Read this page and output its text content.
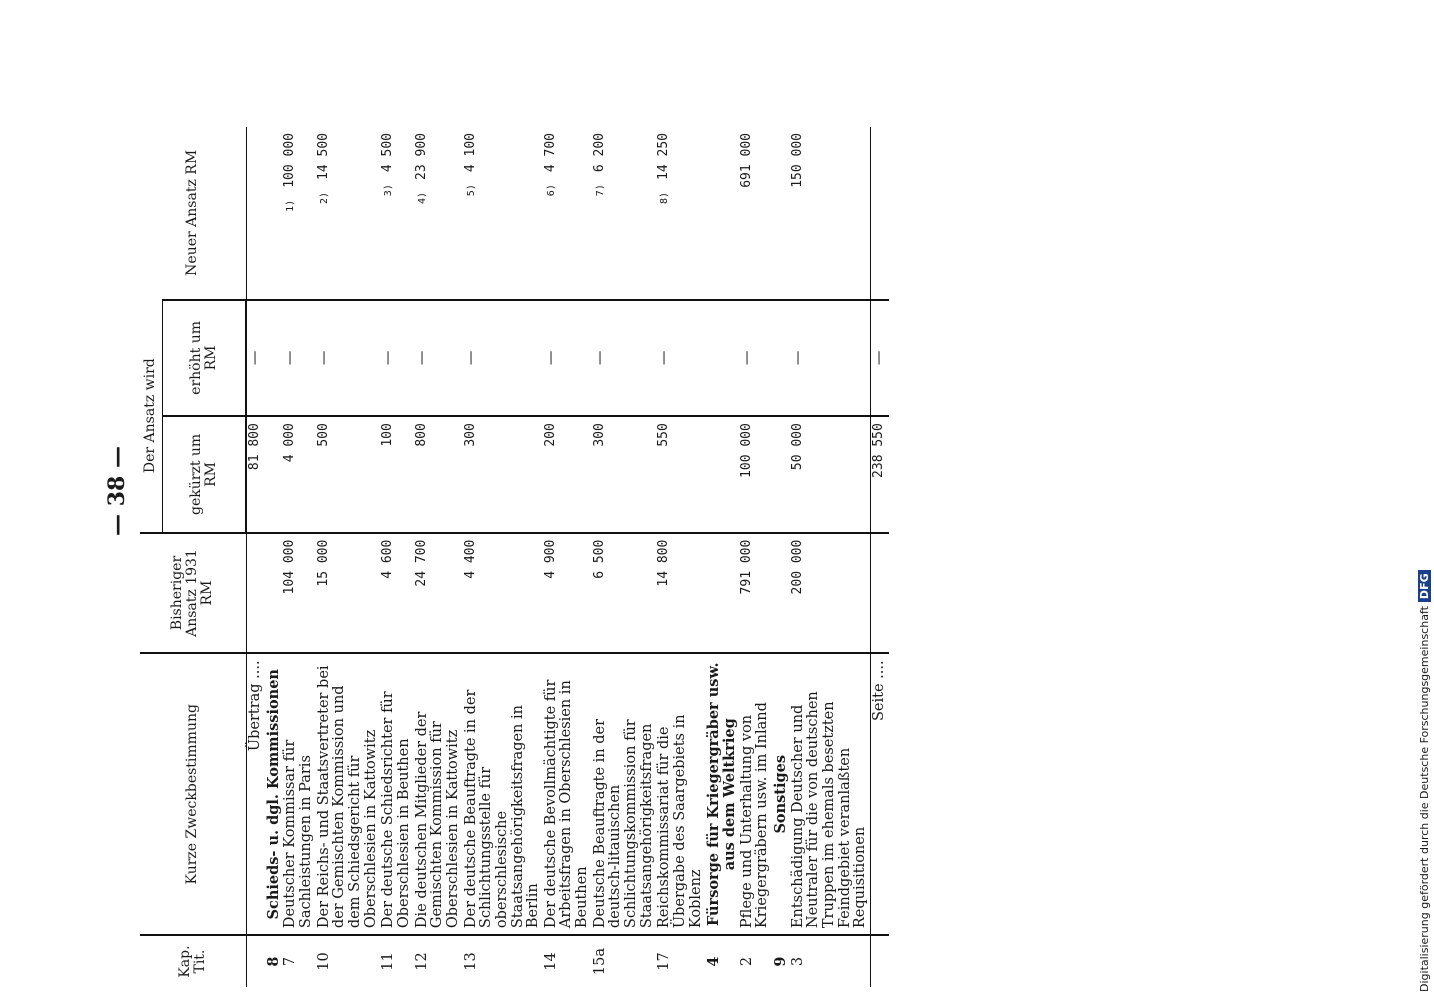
— 38 —
Kap. Tit.	Kurze Zweckbestimmung	Bisheriger Ansatz 1931 RM	Der Ansatz wird		Neuer Ansatz RM
			gekürzt um RM	erhöht um RM	
	Übertrag ....		81 800	—	
8	Schieds- u. dgl. Kommissionen				
7	Deutscher Kommissar für Sachleistungen in Paris	104 000	4 000	—	1)100 000
10	Der Reichs- und Staatsvertreter bei der Gemischten Kommission und dem Schiedsgericht für Oberschlesien in Kattowitz	15 000	500	—	2)14 500
11	Der deutsche Schiedsrichter für Oberschlesien in Beuthen	4 600	100	—	3)4 500
12	Die deutschen Mitglieder der Gemischten Kommission für Oberschlesien in Kattowitz	24 700	800	—	4)23 900
13	Der deutsche Beauftragte in der Schlichtungsstelle für oberschlesische Staatsangehörigkeitsfragen in Berlin	4 400	300	—	5)4 100
14	Der deutsche Bevollmächtigte für Arbeitsfragen in Oberschlesien in Beuthen	4 900	200	—	6)4 700
15a	Deutsche Beauftragte in der deutsch-litauischen Schlichtungskommission für Staatsangehörigkeitsfragen	6 500	300	—	7)6 200
17	Reichskommissariat für die Übergabe des Saargebiets in Koblenz	14 800	550	—	8)14 250
4	Fürsorge für Kriegergräber usw. aus dem Weltkrieg				
2	Pflege und Unterhaltung von Kriegergräbern usw. im Inland	791 000	100 000	—	691 000
9	Sonstiges				
3	Entschädigung Deutscher und Neutraler für die von deutschen Truppen im ehemals besetzten Feindgebiet veranlaßten Requisitionen	200 000	50 000	—	150 000
	Seite ....		238 550	—	
Digitalisierung gefördert durch die Deutsche ForschungsgemeinschaftDFG
